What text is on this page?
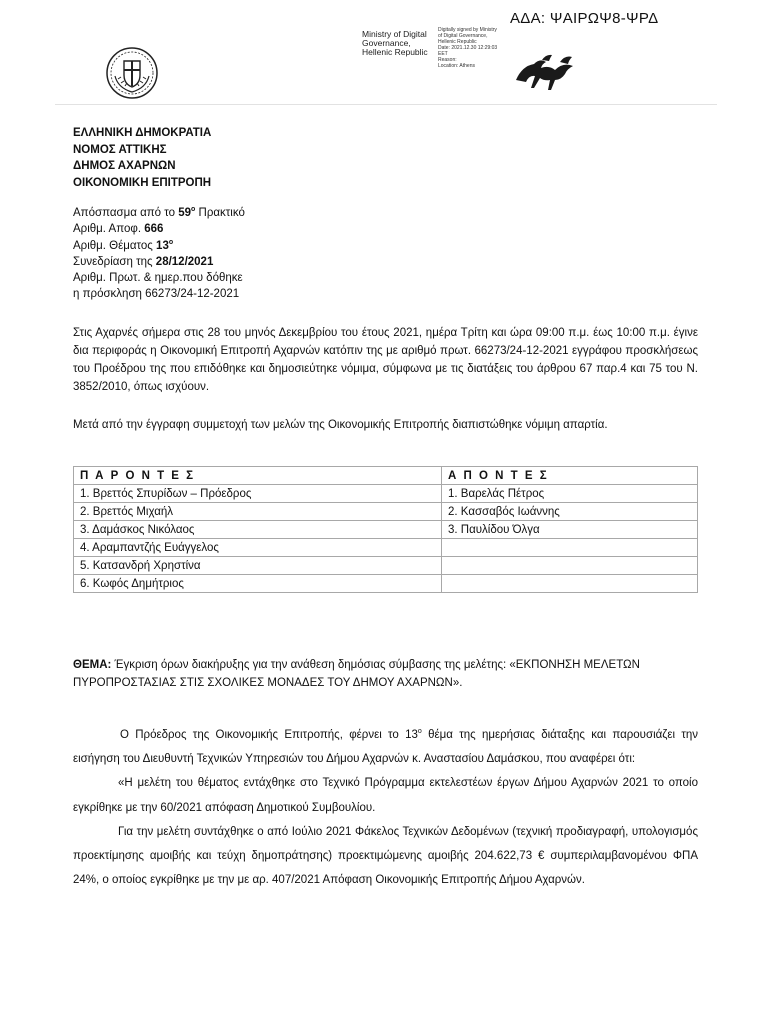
ΑΔΑ: ΨΑΙΡΩΨ8-ΨΡΔ
Ministry of Digital
Governance,
Hellenic Republic
Digitally signed by Ministry
of Digital Governance,
Hellenic Republic
Date: 2021.12.30 12:29:03
EET
Reason:
Location: Athens
ΕΛΛΗΝΙΚΗ ΔΗΜΟΚΡΑΤΙΑ
ΝΟΜΟΣ ΑΤΤΙΚΗΣ
ΔΗΜΟΣ ΑΧΑΡΝΩΝ
ΟΙΚΟΝΟΜΙΚΗ ΕΠΙΤΡΟΠΗ
Απόσπασμα από το $59^o$ Πρακτικό
Αριθμ. Αποφ. 666
Αριθμ. Θέματος $13^o$
Συνεδρίαση της 28/12/2021
Αριθμ. Πρωτ. & ημερ.που δόθηκε
η πρόσκληση 66273/24-12-2021
Στις Αχαρνές σήμερα στις 28 του μηνός Δεκεμβρίου του έτους 2021, ημέρα Τρίτη και ώρα 09:00 π.μ. έως 10:00 π.μ. έγινε δια περιφοράς η Οικονομική Επιτροπή Αχαρνών κατόπιν της με αριθμό πρωτ. 66273/24-12-2021 εγγράφου προσκλήσεως του Προέδρου της που επιδόθηκε και δημοσιεύτηκε νόμιμα, σύμφωνα με τις διατάξεις του άρθρου 67 παρ.4 και 75 του Ν. 3852/2010, όπως ισχύουν.
Μετά από την έγγραφη συμμετοχή των μελών της Οικονομικής Επιτροπής διαπιστώθηκε νόμιμη απαρτία.
Π Α Ρ Ο Ν Τ Ε Σ	Α Π Ο Ν Τ Ε Σ
1. Βρεττός Σπυρίδων – Πρόεδρος	1. Βαρελάς Πέτρος
2. Βρεττός Μιχαήλ	2. Κασσαβός Ιωάννης
3. Δαμάσκος Νικόλαος	3. Παυλίδου Όλγα
4. Αραμπαντζής Ευάγγελος	
5. Κατσανδρή Χρηστίνα	
6. Κωφός Δημήτριος	
ΘΕΜΑ: Έγκριση όρων διακήρυξης για την ανάθεση δημόσιας σύμβασης της μελέτης: «ΕΚΠΟΝΗΣΗ ΜΕΛΕΤΩΝ ΠΥΡΟΠΡΟΣΤΑΣΙΑΣ ΣΤΙΣ ΣΧΟΛΙΚΕΣ ΜΟΝΑΔΕΣ ΤΟΥ ΔΗΜΟΥ ΑΧΑΡΝΩΝ».
Ο Πρόεδρος της Οικονομικής Επιτροπής, φέρνει το $13^o$ θέμα της ημερήσιας διάταξης και παρουσιάζει την εισήγηση του Διευθυντή Τεχνικών Υπηρεσιών του Δήμου Αχαρνών κ. Αναστασίου Δαμάσκου, που αναφέρει ότι:
«Η μελέτη του θέματος εντάχθηκε στο Τεχνικό Πρόγραμμα εκτελεστέων έργων Δήμου Αχαρνών 2021 το οποίο εγκρίθηκε με την 60/2021 απόφαση Δημοτικού Συμβουλίου.
Για την μελέτη συντάχθηκε ο από Ιούλιο 2021 Φάκελος Τεχνικών Δεδομένων (τεχνική προδιαγραφή, υπολογισμός προεκτίμησης αμοιβής και τεύχη δημοπράτησης) προεκτιμώμενης αμοιβής 204.622,73 € συμπεριλαμβανομένου ΦΠΑ 24%, ο οποίος εγκρίθηκε με την με αρ. 407/2021 Απόφαση Οικονομικής Επιτροπής Δήμου Αχαρνών.
